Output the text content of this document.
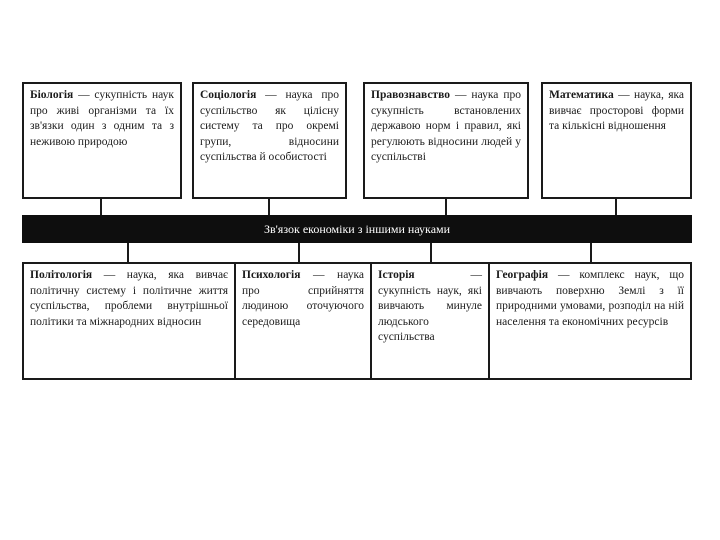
Біологія — сукупність наук про живі організми та їх зв'язки один з одним та з неживою природою
Соціологія — наука про суспільство як цілісну систему та про окремі групи, відносини суспільства й особистості
Правознавство — наука про сукупність встановлених державою норм і правил, які регулюють відносини людей у суспільстві
Математика — наука, яка вивчає просторові форми та кількісні відношення
Зв'язок економіки з іншими науками
Політологія — наука, яка вивчає політичну систему і політичне життя суспільства, проблеми внутрішньої політики та міжнародних відносин
Психологія — наука про сприйняття людиною оточуючого середовища
Історія — сукупність наук, які вивчають минуле людського суспільства
Географія — комплекс наук, що вивчають поверхню Землі з її природними умовами, розподіл на ній населення та економічних ресурсів
